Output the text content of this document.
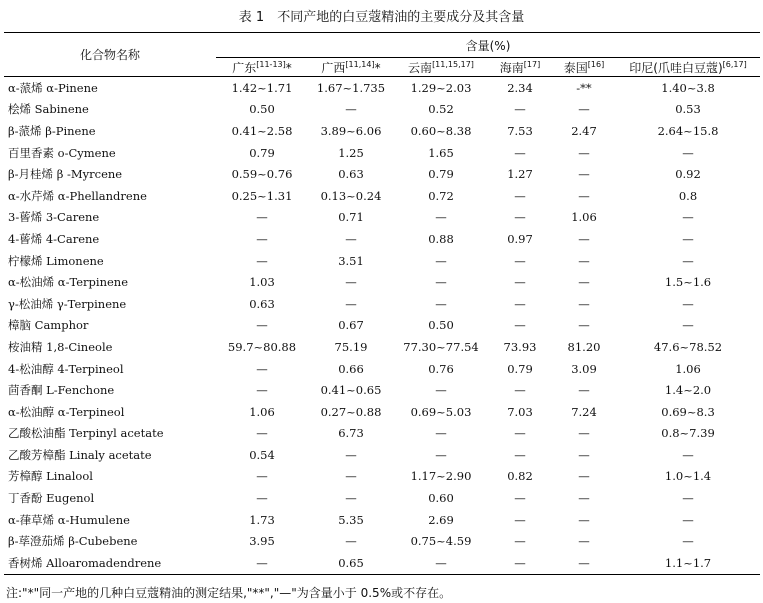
表 1　不同产地的白豆蔻精油的主要成分及其含量
化合物名称	含量(%)					
	广东[11-13]*	广西[11,14]*	云南[11,15,17]	海南[17]	泰国[16]	印尼(爪哇白豆蔻)[6,17]
α-蒎烯 α-Pinene	1.42~1.71	1.67~1.735	1.29~2.03	2.34	-**	1.40~3.8
桧烯 Sabinene	0.50	—	0.52	—	—	0.53
β-蒎烯 β-Pinene	0.41~2.58	3.89~6.06	0.60~8.38	7.53	2.47	2.64~15.8
百里香素 o-Cymene	0.79	1.25	1.65	—	—	—
β-月桂烯 β -Myrcene	0.59~0.76	0.63	0.79	1.27	—	0.92
α-水芹烯 α-Phellandrene	0.25~1.31	0.13~0.24	0.72	—	—	0.8
3-蒈烯 3-Carene	—	0.71	—	—	1.06	—
4-蒈烯 4-Carene	—	—	0.88	0.97	—	—
柠檬烯 Limonene	—	3.51	—	—	—	—
α-松油烯 α-Terpinene	1.03	—	—	—	—	1.5~1.6
γ-松油烯 γ-Terpinene	0.63	—	—	—	—	—
樟脑 Camphor	—	0.67	0.50	—	—	—
桉油精 1,8-Cineole	59.7~80.88	75.19	77.30~77.54	73.93	81.20	47.6~78.52
4-松油醇 4-Terpineol	—	0.66	0.76	0.79	3.09	1.06
茴香酮 L-Fenchone	—	0.41~0.65	—	—	—	1.4~2.0
α-松油醇 α-Terpineol	1.06	0.27~0.88	0.69~5.03	7.03	7.24	0.69~8.3
乙酸松油酯 Terpinyl acetate	—	6.73	—	—	—	0.8~7.39
乙酸芳樟酯 Linaly acetate	0.54	—	—	—	—	—
芳樟醇 Linalool	—	—	1.17~2.90	0.82	—	1.0~1.4
丁香酚 Eugenol	—	—	0.60	—	—	—
α-葎草烯 α-Humulene	1.73	5.35	2.69	—	—	—
β-荜澄茄烯 β-Cubebene	3.95	—	0.75~4.59	—	—	—
香树烯 Alloaromadendrene	—	0.65	—	—	—	1.1~1.7
注:"*"同一产地的几种白豆蔻精油的测定结果,"**","—"为含量小于 0.5%或不存在。
